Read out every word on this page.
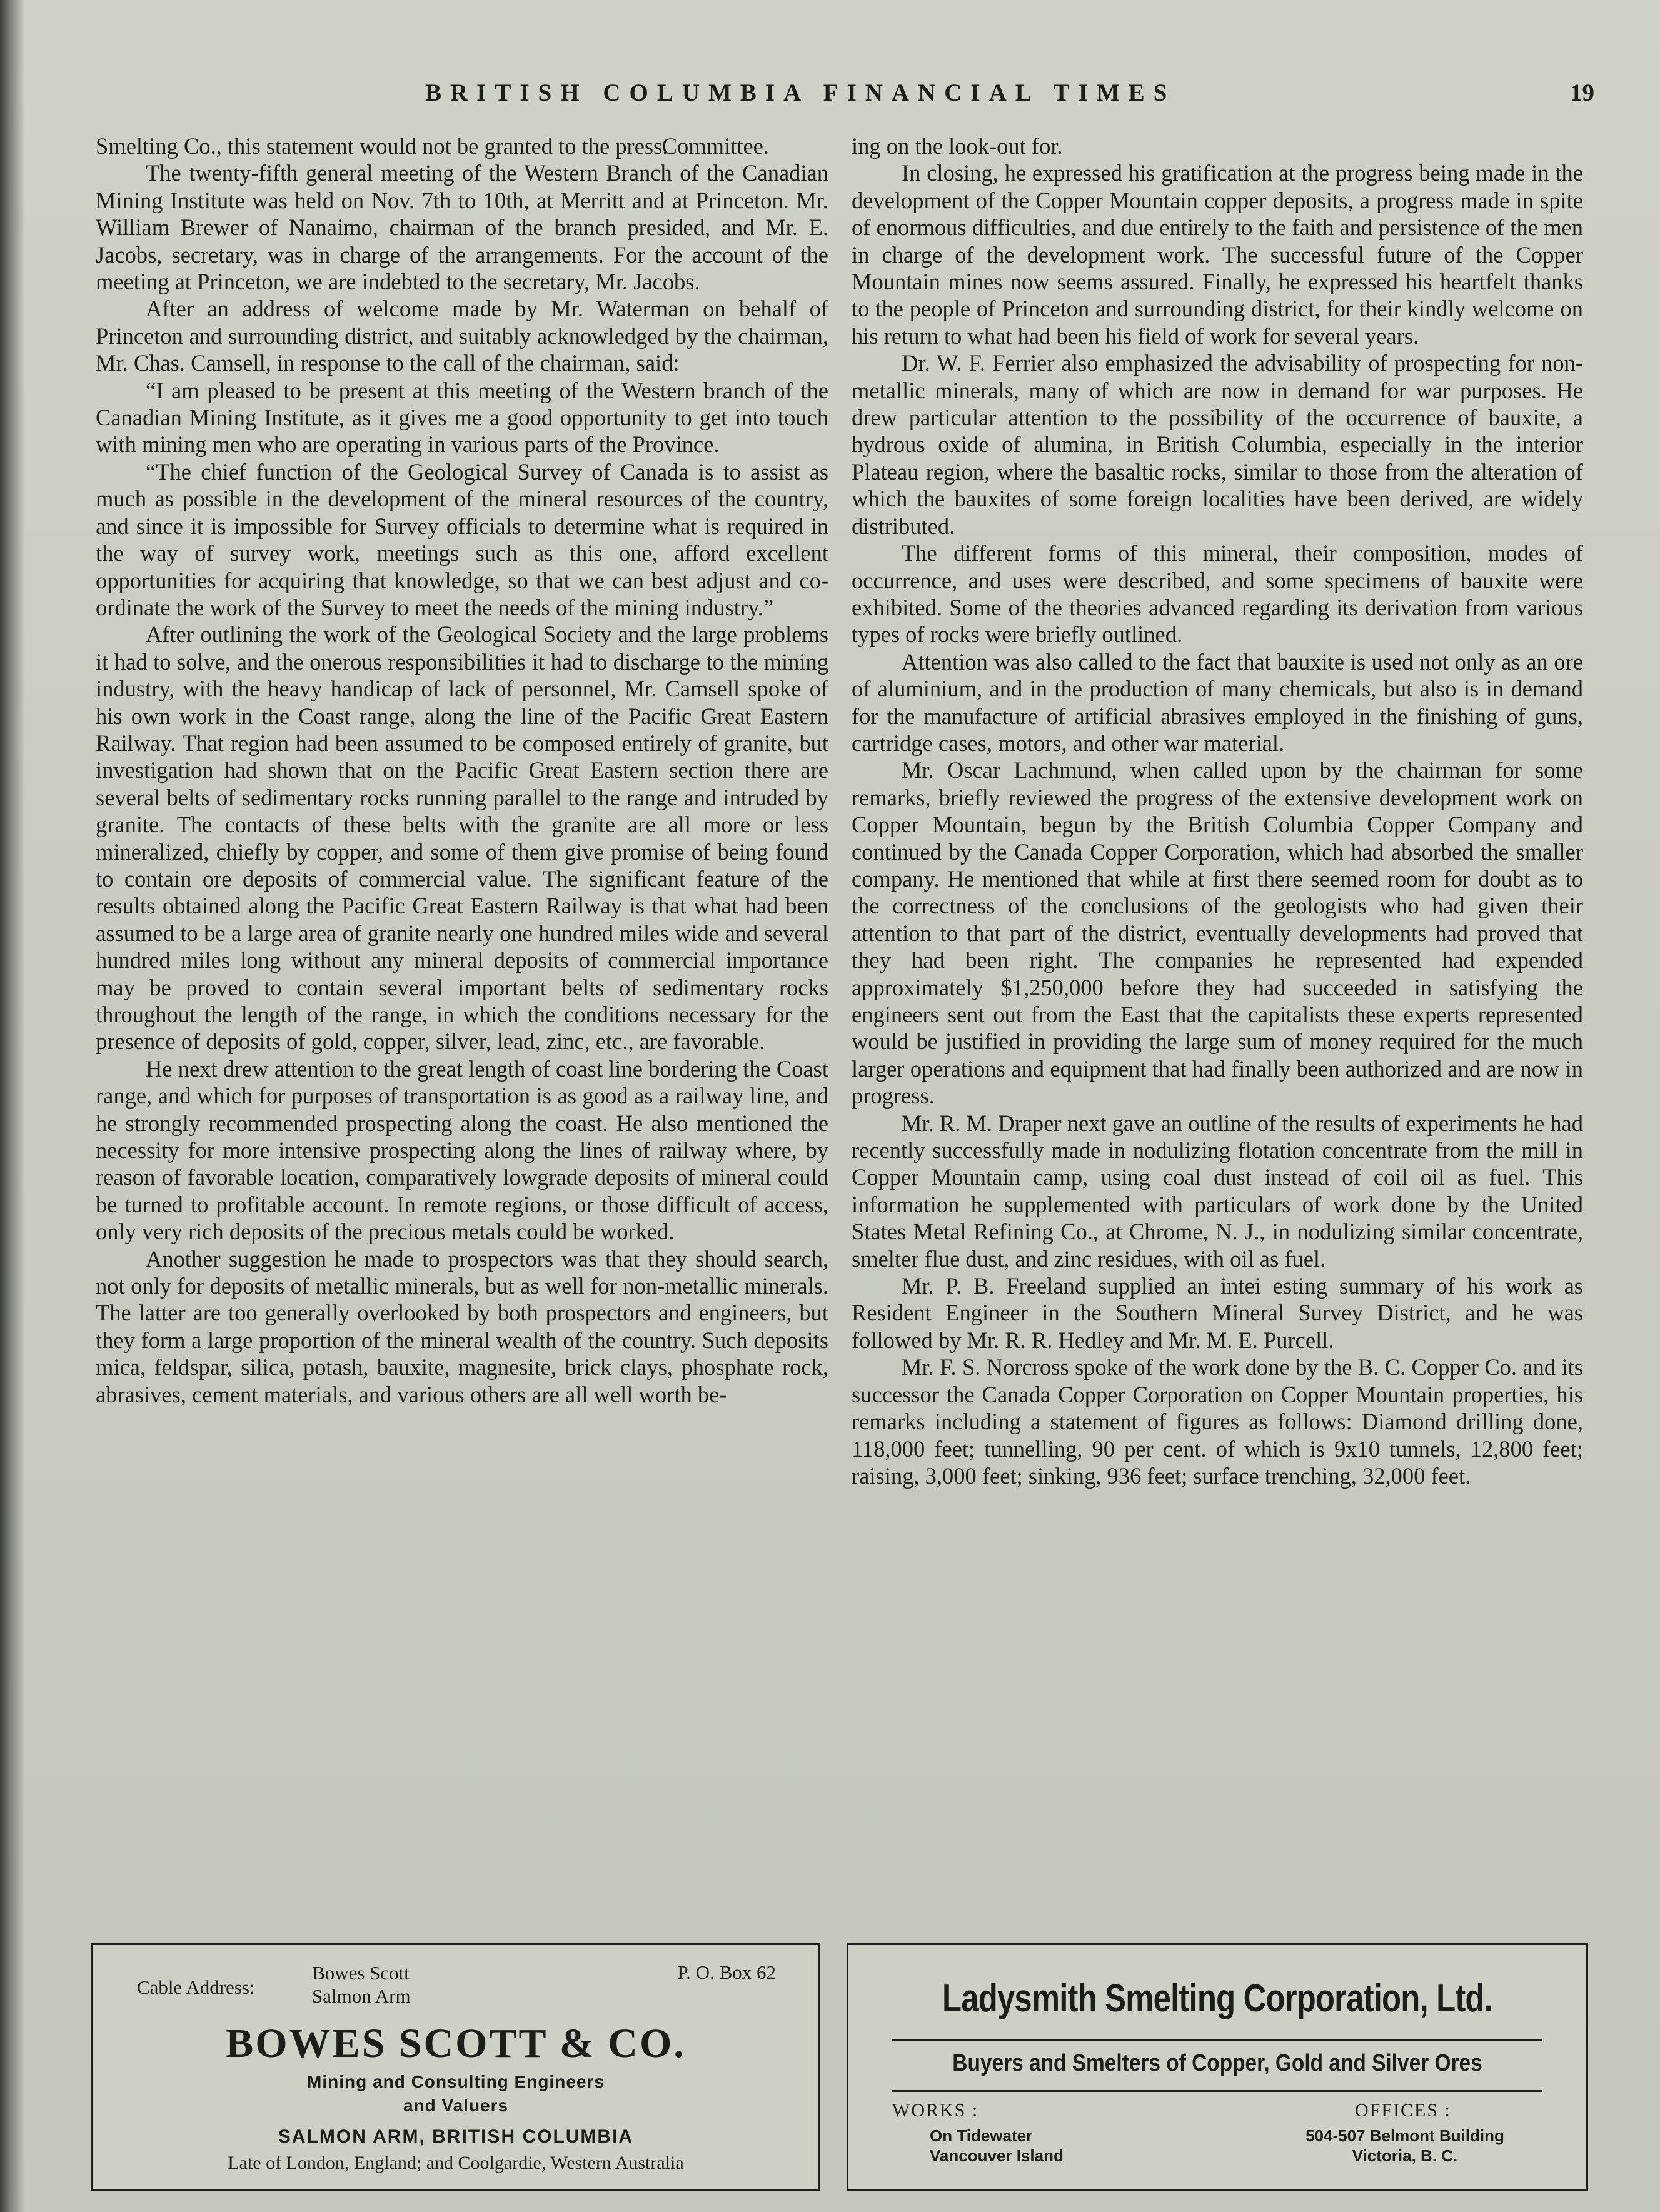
BRITISH COLUMBIA FINANCIAL TIMES	19

Smelting Co., this statement would not be granted to the press.

Committee.

The twenty-fifth general meeting of the Western Branch of the Canadian Mining Institute was held on Nov. 7th to 10th, at Merritt and at Princeton. Mr. William Brewer of Nanaimo, chairman of the branch presided, and Mr. E. Jacobs, secretary, was in charge of the arrangements. For the account of the meeting at Princeton, we are indebted to the secretary, Mr. Jacobs.

After an address of welcome made by Mr. Waterman on behalf of Princeton and surrounding district, and suitably acknowledged by the chairman, Mr. Chas. Camsell, in response to the call of the chairman, said:

“I am pleased to be present at this meeting of the Western branch of the Canadian Mining Institute, as it gives me a good opportunity to get into touch with mining men who are operating in various parts of the Province.

“The chief function of the Geological Survey of Canada is to assist as much as possible in the development of the mineral resources of the country, and since it is impossible for Survey officials to determine what is required in the way of survey work, meetings such as this one, afford excellent opportunities for acquiring that knowledge, so that we can best adjust and co-ordinate the work of the Survey to meet the needs of the mining industry.”

After outlining the work of the Geological Society and the large problems it had to solve, and the onerous responsibilities it had to discharge to the mining industry, with the heavy handicap of lack of personnel, Mr. Camsell spoke of his own work in the Coast range, along the line of the Pacific Great Eastern Railway. That region had been assumed to be composed entirely of granite, but investigation had shown that on the Pacific Great Eastern section there are several belts of sedimentary rocks running parallel to the range and intruded by granite. The contacts of these belts with the granite are all more or less mineralized, chiefly by copper, and some of them give promise of being found to contain ore deposits of commercial value. The significant feature of the results obtained along the Pacific Great Eastern Railway is that what had been assumed to be a large area of granite nearly one hundred miles wide and several hundred miles long without any mineral deposits of commercial importance may be proved to contain several important belts of sedimentary rocks throughout the length of the range, in which the conditions necessary for the presence of deposits of gold, copper, silver, lead, zinc, etc., are favorable.

He next drew attention to the great length of coast line bordering the Coast range, and which for purposes of transportation is as good as a railway line, and he strongly recommended prospecting along the coast. He also mentioned the necessity for more intensive prospecting along the lines of railway where, by reason of favorable location, comparatively lowgrade deposits of mineral could be turned to profitable account. In remote regions, or those difficult of access, only very rich deposits of the precious metals could be worked.

Another suggestion he made to prospectors was that they should search, not only for deposits of metallic minerals, but as well for non-metallic minerals. The latter are too generally overlooked by both prospectors and engineers, but they form a large proportion of the mineral wealth of the country. Such deposits mica, feldspar, silica, potash, bauxite, magnesite, brick clays, phosphate rock, abrasives, cement materials, and various others are all well worth be-

ing on the look-out for.

In closing, he expressed his gratification at the progress being made in the development of the Copper Mountain copper deposits, a progress made in spite of enormous difficulties, and due entirely to the faith and persistence of the men in charge of the development work. The successful future of the Copper Mountain mines now seems assured. Finally, he expressed his heartfelt thanks to the people of Princeton and surrounding district, for their kindly welcome on his return to what had been his field of work for several years.

Dr. W. F. Ferrier also emphasized the advisability of prospecting for non-metallic minerals, many of which are now in demand for war purposes. He drew particular attention to the possibility of the occurrence of bauxite, a hydrous oxide of alumina, in British Columbia, especially in the interior Plateau region, where the basaltic rocks, similar to those from the alteration of which the bauxites of some foreign localities have been derived, are widely distributed.

The different forms of this mineral, their composition, modes of occurrence, and uses were described, and some specimens of bauxite were exhibited. Some of the theories advanced regarding its derivation from various types of rocks were briefly outlined.

Attention was also called to the fact that bauxite is used not only as an ore of aluminium, and in the production of many chemicals, but also is in demand for the manufacture of artificial abrasives employed in the finishing of guns, cartridge cases, motors, and other war material.

Mr. Oscar Lachmund, when called upon by the chairman for some remarks, briefly reviewed the progress of the extensive development work on Copper Mountain, begun by the British Columbia Copper Company and continued by the Canada Copper Corporation, which had absorbed the smaller company. He mentioned that while at first there seemed room for doubt as to the correctness of the conclusions of the geologists who had given their attention to that part of the district, eventually developments had proved that they had been right. The companies he represented had expended approximately $1,250,000 before they had succeeded in satisfying the engineers sent out from the East that the capitalists these experts represented would be justified in providing the large sum of money required for the much larger operations and equipment that had finally been authorized and are now in progress.

Mr. R. M. Draper next gave an outline of the results of experiments he had recently successfully made in nodulizing flotation concentrate from the mill in Copper Mountain camp, using coal dust instead of coil oil as fuel. This information he supplemented with particulars of work done by the United States Metal Refining Co., at Chrome, N. J., in nodulizing similar concentrate, smelter flue dust, and zinc residues, with oil as fuel.

Mr. P. B. Freeland supplied an intei esting summary of his work as Resident Engineer in the Southern Mineral Survey District, and he was followed by Mr. R. R. Hedley and Mr. M. E. Purcell.

Mr. F. S. Norcross spoke of the work done by the B. C. Copper Co. and its successor the Canada Copper Corporation on Copper Mountain properties, his remarks including a statement of figures as follows: Diamond drilling done, 118,000 feet; tunnelling, 90 per cent. of which is 9x10 tunnels, 12,800 feet; raising, 3,000 feet; sinking, 936 feet; surface trenching, 32,000 feet.

Cable Address:
Bowes Scott
Salmon Arm
P. O. Box 62
BOWES SCOTT & CO.
Mining and Consulting Engineers
and Valuers
SALMON ARM, BRITISH COLUMBIA
Late of London, England; and Coolgardie, Western Australia
Ladysmith Smelting Corporation, Ltd.
Buyers and Smelters of Copper, Gold and Silver Ores
WORKS :
On Tidewater
Vancouver Island
OFFICES :
504-507 Belmont Building
Victoria, B. C.
